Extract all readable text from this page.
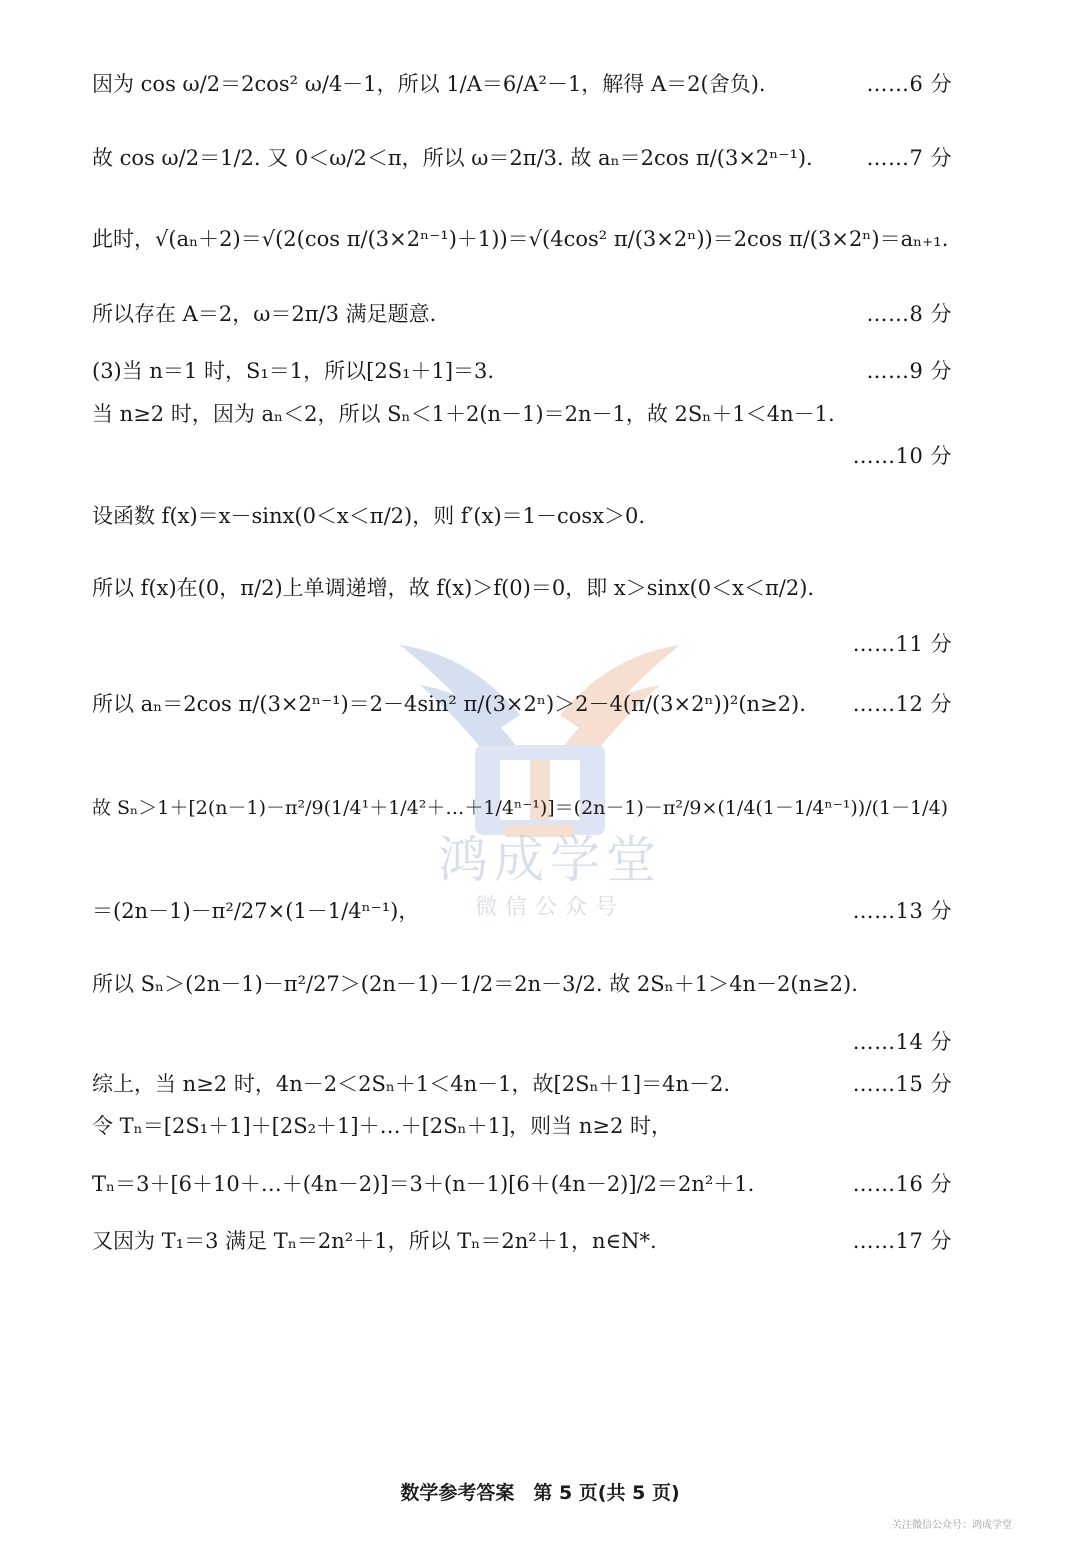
鸿成学堂
微信公众号
因为 cos ω/2＝2cos² ω/4－1，所以 1/A＝6/A²－1，解得 A＝2(舍负).	……6 分
故 cos ω/2＝1/2. 又 0＜ω/2＜π，所以 ω＝2π/3. 故 aₙ＝2cos π/(3×2ⁿ⁻¹).	……7 分
此时，√(aₙ＋2)＝√(2(cos π/(3×2ⁿ⁻¹)＋1))＝√(4cos² π/(3×2ⁿ))＝2cos π/(3×2ⁿ)＝aₙ₊₁.
所以存在 A＝2，ω＝2π/3 满足题意.	……8 分
(3)当 n＝1 时，S₁＝1，所以[2S₁＋1]＝3.	……9 分
当 n≥2 时，因为 aₙ＜2，所以 Sₙ＜1＋2(n－1)＝2n－1，故 2Sₙ＋1＜4n－1.
……10 分
设函数 f(x)＝x－sinx(0＜x＜π/2)，则 f′(x)＝1－cosx＞0.
所以 f(x)在(0，π/2)上单调递增，故 f(x)＞f(0)＝0，即 x＞sinx(0＜x＜π/2).
……11 分
所以 aₙ＝2cos π/(3×2ⁿ⁻¹)＝2－4sin² π/(3×2ⁿ)＞2－4(π/(3×2ⁿ))²(n≥2). ……12 分
故 Sₙ＞1＋[2(n－1)－π²/9(1/4¹＋1/4²＋…＋1/4ⁿ⁻¹)]＝(2n－1)－π²/9×(1/4(1－1/4ⁿ⁻¹))/(1－1/4)
＝(2n－1)－π²/27×(1－1/4ⁿ⁻¹)，	……13 分
所以 Sₙ＞(2n－1)－π²/27＞(2n－1)－1/2＝2n－3/2. 故 2Sₙ＋1＞4n－2(n≥2).
……14 分
综上，当 n≥2 时，4n－2＜2Sₙ＋1＜4n－1，故[2Sₙ＋1]＝4n－2.	……15 分
令 Tₙ＝[2S₁＋1]＋[2S₂＋1]＋…＋[2Sₙ＋1]，则当 n≥2 时，
Tₙ＝3＋[6＋10＋…＋(4n－2)]＝3＋(n－1)[6＋(4n－2)]/2＝2n²＋1.	……16 分
又因为 T₁＝3 满足 Tₙ＝2n²＋1，所以 Tₙ＝2n²＋1，n∈N*.	……17 分
数学参考答案　第 5 页(共 5 页)
关注微信公众号：鸿成学堂
